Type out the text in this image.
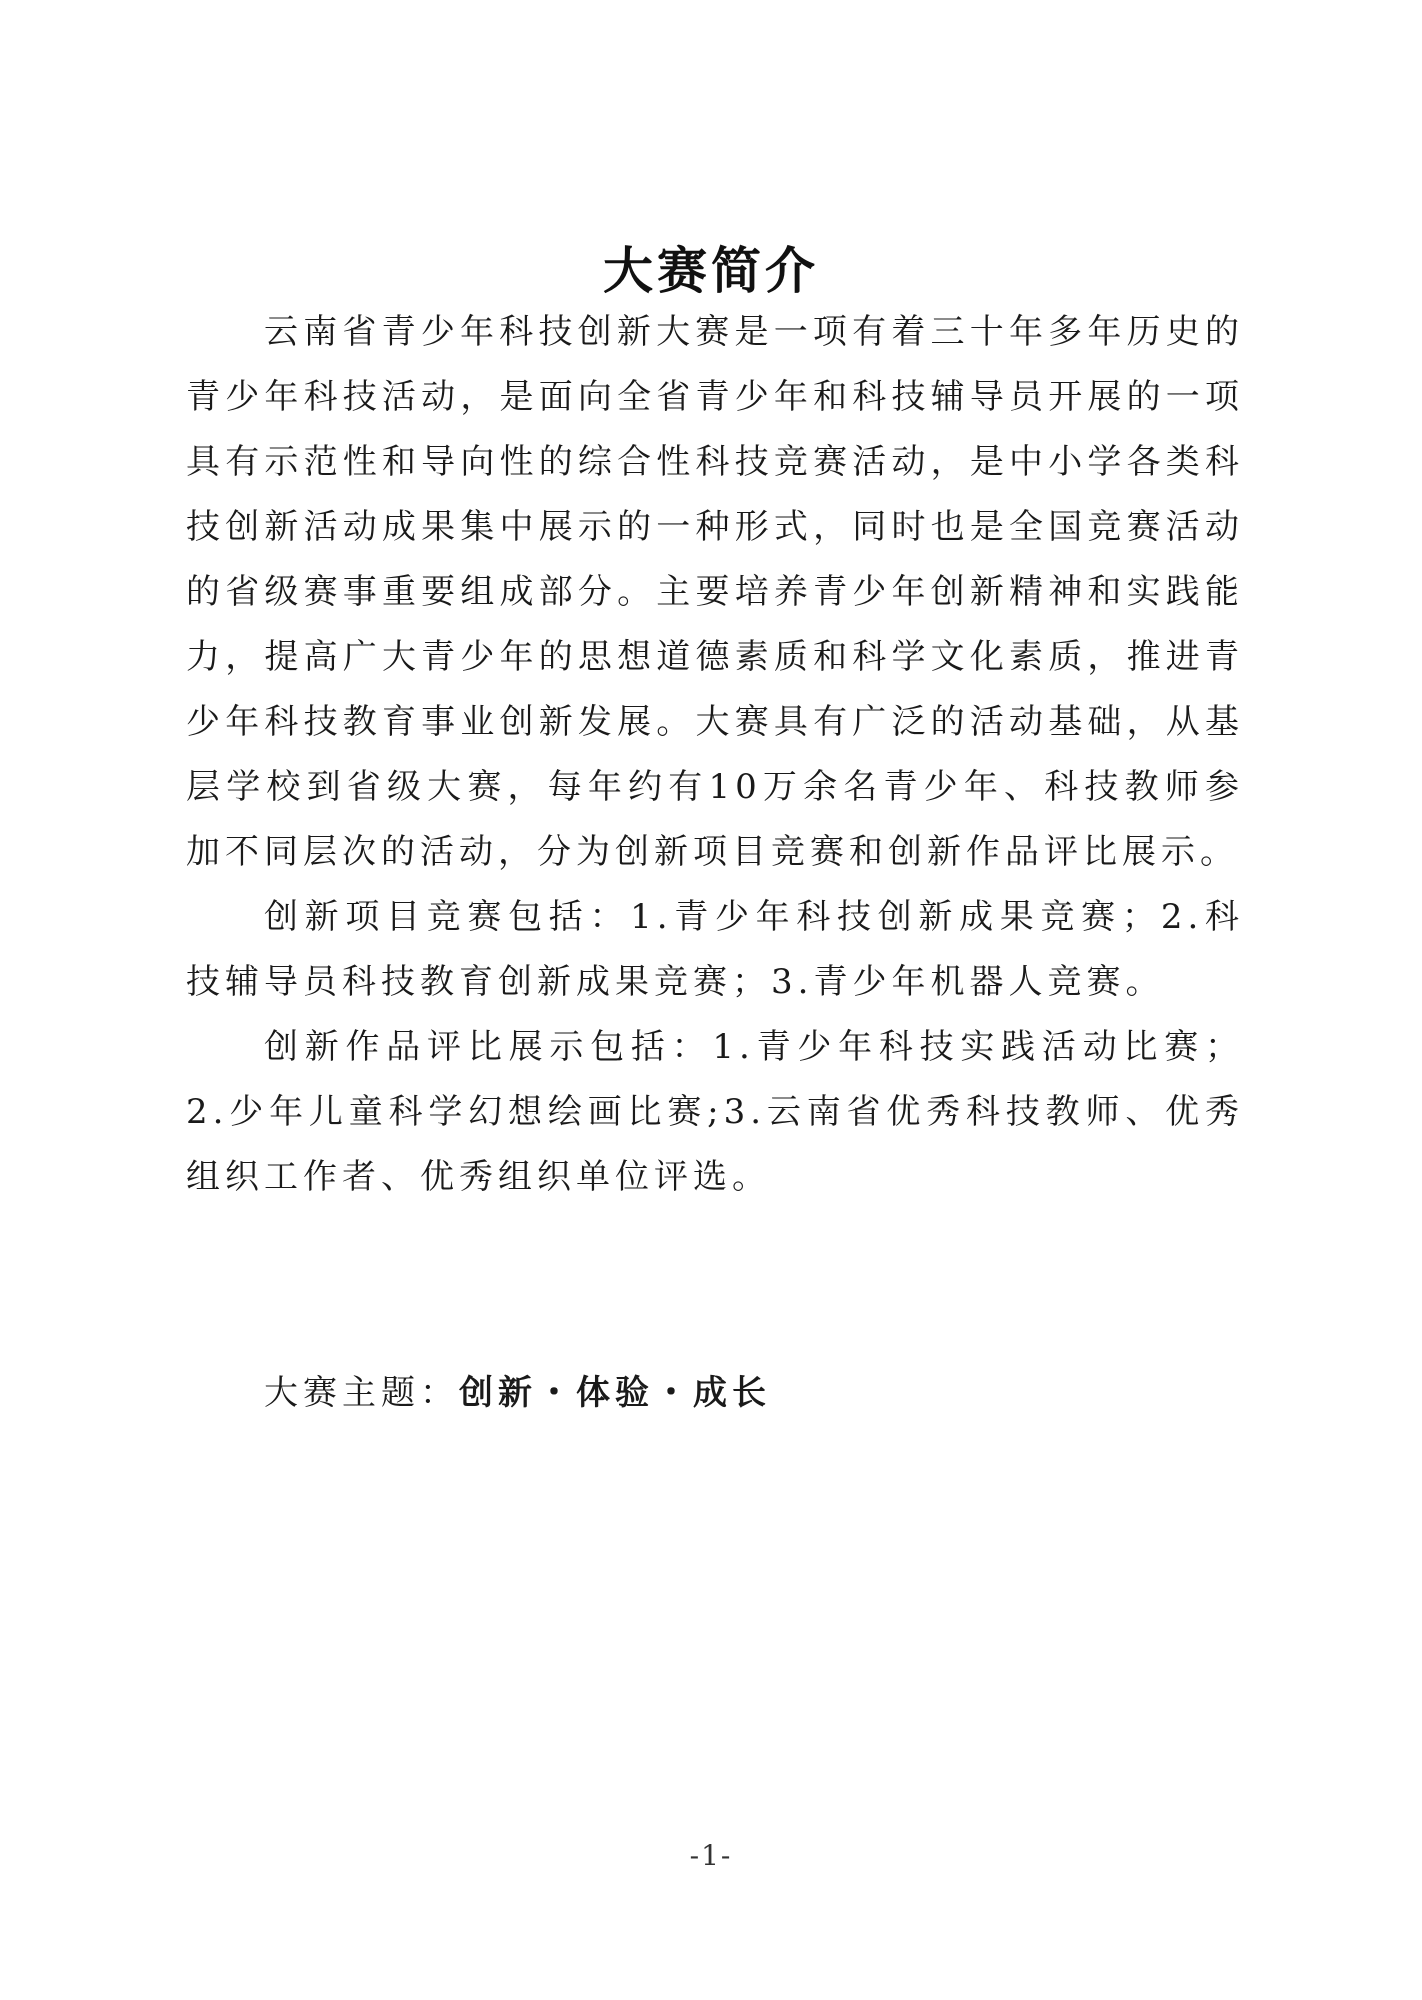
大赛简介

云南省青少年科技创新大赛是一项有着三十年多年历史的青少年科技活动，是面向全省青少年和科技辅导员开展的一项具有示范性和导向性的综合性科技竞赛活动，是中小学各类科技创新活动成果集中展示的一种形式，同时也是全国竞赛活动的省级赛事重要组成部分。主要培养青少年创新精神和实践能力，提高广大青少年的思想道德素质和科学文化素质，推进青少年科技教育事业创新发展。大赛具有广泛的活动基础，从基层学校到省级大赛，每年约有10万余名青少年、科技教师参加不同层次的活动，分为创新项目竞赛和创新作品评比展示。

创新项目竞赛包括：1.青少年科技创新成果竞赛；2.科技辅导员科技教育创新成果竞赛；3.青少年机器人竞赛。

创新作品评比展示包括：1.青少年科技实践活动比赛；2.少年儿童科学幻想绘画比赛;3.云南省优秀科技教师、优秀组织工作者、优秀组织单位评选。

大赛主题：创新・体验・成长
-1-
